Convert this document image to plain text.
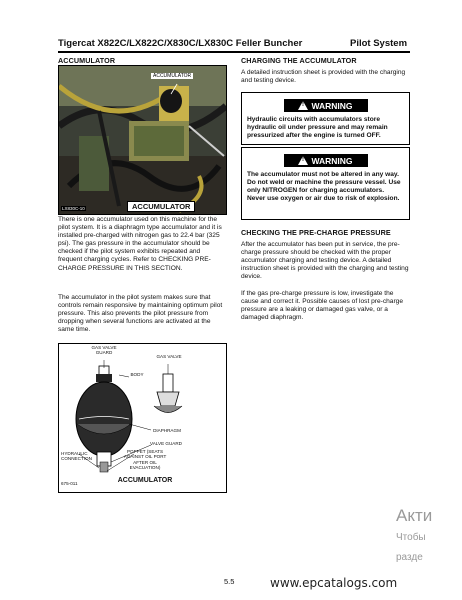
Tigercat X822C/LX822C/X830C/LX830C Feller Buncher	Pilot System
ACCUMULATOR
ACCUMULATOR
LX830C-10	ACCUMULATOR
There is one accumulator used on this machine for the pilot system. It is a diaphragm type accumulator and it is installed pre-charged with nitrogen gas to 22.4 bar (325 psi). The gas pressure in the accumulator should be checked if the pilot system exhibits repeated and frequent charging cycles. Refer to CHECKING PRE-CHARGE PRESSURE IN THIS SECTION.
The accumulator in the pilot system makes sure that controls remain responsive by maintaining optimum pilot pressure. This also prevents the pilot pressure from dropping when several functions are activated at the same time.
GAS VALVE GUARD
GAS VALVE
BODY
DIAPHRAGM
VALVE GUARD
POPPET (SEATS AGAINST OIL PORT AFTER OIL EVACUATION)
HYDRAULIC CONNECTION
675-011	ACCUMULATOR
CHARGING THE ACCUMULATOR
A detailed instruction sheet is provided with the charging and testing device.
!
WARNING
Hydraulic circuits with accumulators store hydraulic oil under pressure and may remain pressurized after the engine is turned OFF.
!
WARNING
The accumulator must not be altered in any way. Do not weld or machine the pressure vessel. Use only NITROGEN for charging accumulators. Never use oxygen or air due to risk of explosion.
CHECKING THE PRE-CHARGE PRESSURE
After the accumulator has been put in service, the pre-charge pressure should be checked with the proper accumulator charging and testing device. A detailed instruction sheet is provided with the charging and testing device.
If the gas pre-charge pressure is low, investigate the cause and correct it. Possible causes of lost pre-charge pressure are a leaking or damaged gas valve, or a damaged diaphragm.
5.5	www.epcatalogs.com
Акти
Чтобы
разде
